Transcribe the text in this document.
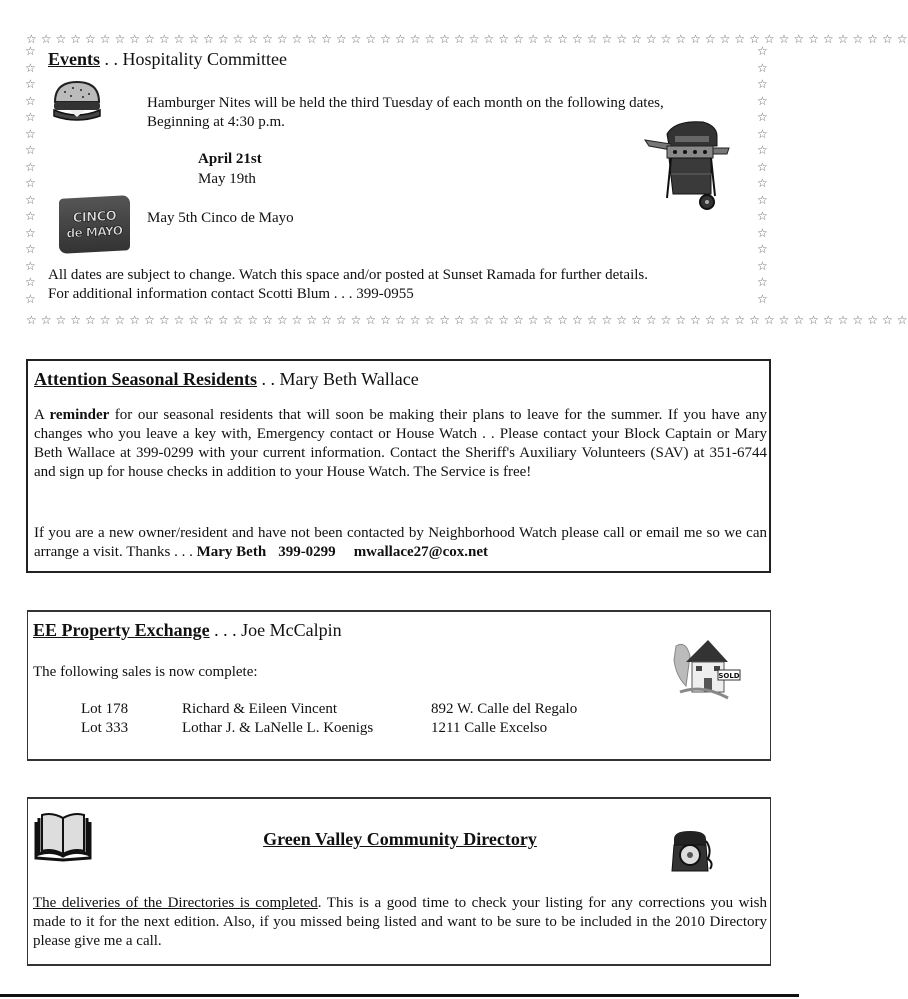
☆ ☆ ☆ ☆ ☆ ☆ ☆ ☆ ☆ ☆ ☆ ☆ ☆ ☆ ☆ ☆ ☆ ☆ ☆ ☆ ☆ ☆ ☆ ☆ ☆ ☆ ☆ ☆ ☆ ☆ ☆ ☆ ☆ ☆ ☆ ☆ ☆ ☆ ☆ ☆ ☆ ☆ ☆ ☆ ☆ ☆ ☆ ☆ ☆ ☆ ☆ ☆ ☆ ☆ ☆ ☆ ☆ ☆ ☆ ☆
☆ ☆ ☆ ☆ ☆ ☆ ☆ ☆ ☆ ☆ ☆ ☆ ☆ ☆ ☆ ☆ ☆ ☆ ☆ ☆ ☆ ☆ ☆ ☆ ☆ ☆ ☆ ☆ ☆ ☆ ☆ ☆ ☆ ☆ ☆ ☆ ☆ ☆ ☆ ☆ ☆ ☆ ☆ ☆ ☆ ☆ ☆ ☆ ☆ ☆ ☆ ☆ ☆ ☆ ☆ ☆ ☆ ☆ ☆ ☆
☆
☆
☆
☆
☆
☆
☆
☆
☆
☆
☆
☆
☆
☆
☆
☆
☆
☆
☆
☆
☆
☆
☆
☆
☆
☆
☆
☆
☆
☆
☆
☆
Events . . Hospitality Committee
Hamburger Nites will be held the third Tuesday of each month on the following dates,
Beginning at 4:30 p.m.
April 21st
May 19th
CINCO
de MAYO
May 5th Cinco de Mayo
All dates are subject to change. Watch this space and/or posted at Sunset Ramada for further details.
For additional information contact Scotti Blum . . . 399-0955
Attention Seasonal Residents . . Mary Beth Wallace
A reminder for our seasonal residents that will soon be making their plans to leave for the summer. If you have any changes who you leave a key with, Emergency contact or House Watch . . Please contact your Block Captain or Mary Beth Wallace at 399-0299 with your current information. Contact the Sheriff's Auxiliary Volunteers (SAV) at 351-6744 and sign up for house checks in addition to your House Watch. The Service is free!
If you are a new owner/resident and have not been contacted by Neighborhood Watch please call or email me so we can arrange a visit. Thanks . . . Mary Beth 399-0299 mwallace27@cox.net
EE Property Exchange . . . Joe McCalpin
The following sales is now complete:
Lot 178	Richard & Eileen Vincent	892 W. Calle del Regalo
Lot 333	Lothar J. & LaNelle L. Koenigs	1211 Calle Excelso
SOLD
Green Valley Community Directory
The deliveries of the Directories is completed. This is a good time to check your listing for any corrections you wish made to it for the next edition. Also, if you missed being listed and want to be sure to be included in the 2010 Directory please give me a call.
